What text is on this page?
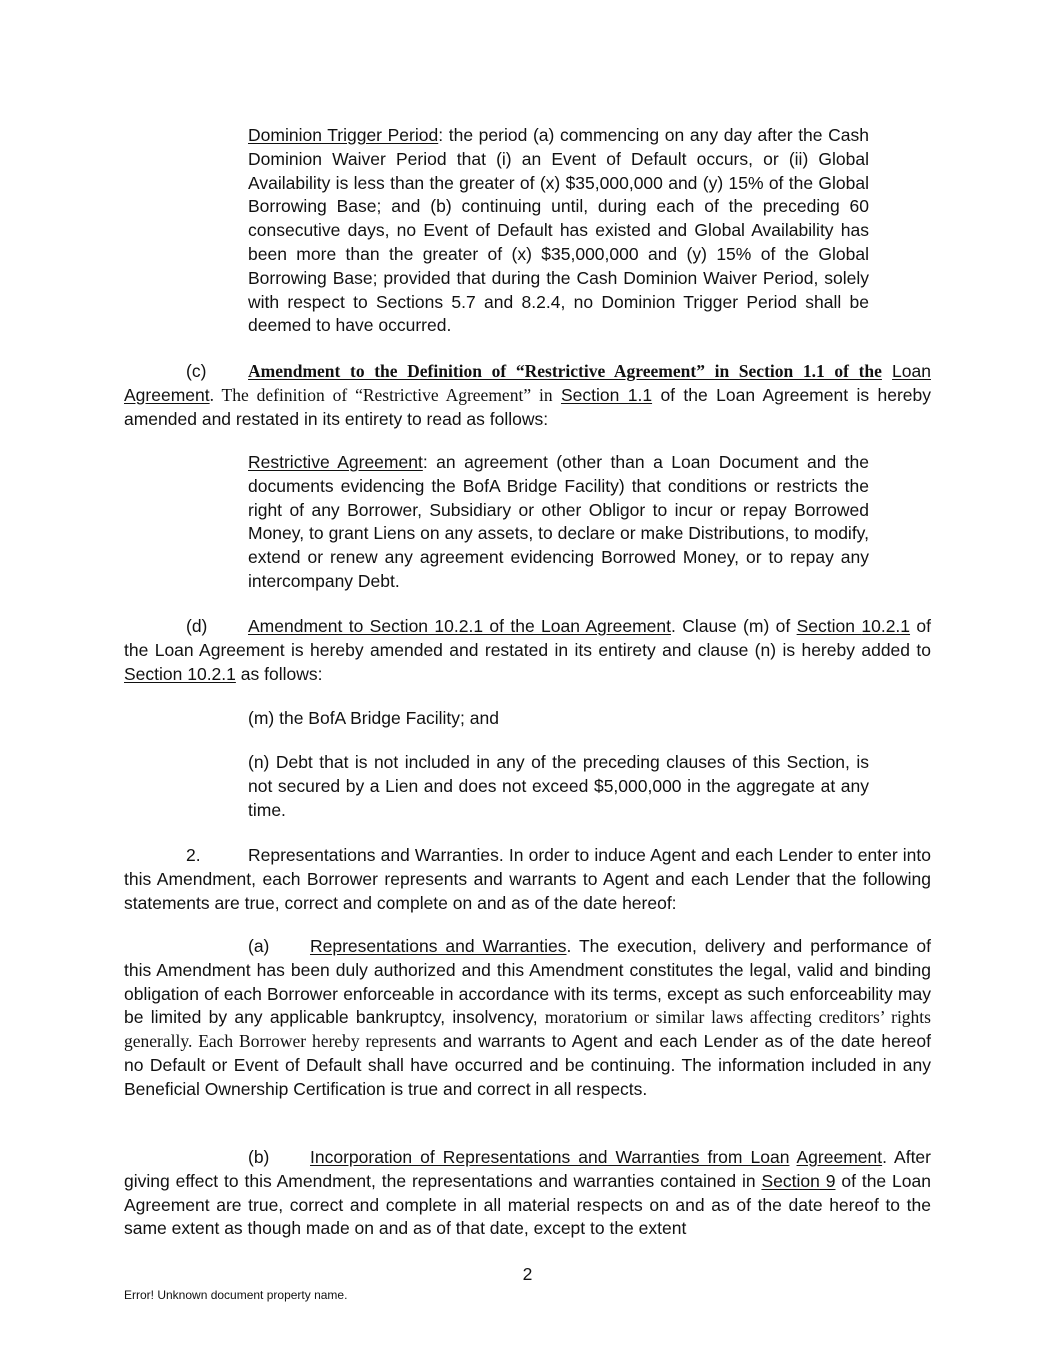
Dominion Trigger Period: the period (a) commencing on any day after the Cash Dominion Waiver Period that (i) an Event of Default occurs, or (ii) Global Availability is less than the greater of (x) $35,000,000 and (y) 15% of the Global Borrowing Base; and (b) continuing until, during each of the preceding 60 consecutive days, no Event of Default has existed and Global Availability has been more than the greater of (x) $35,000,000 and (y) 15% of the Global Borrowing Base; provided that during the Cash Dominion Waiver Period, solely with respect to Sections 5.7 and 8.2.4, no Dominion Trigger Period shall be deemed to have occurred.
(c) Amendment to the Definition of “Restrictive Agreement” in Section 1.1 of the Loan Agreement. The definition of “Restrictive Agreement” in Section 1.1 of the Loan Agreement is hereby amended and restated in its entirety to read as follows:
Restrictive Agreement: an agreement (other than a Loan Document and the documents evidencing the BofA Bridge Facility) that conditions or restricts the right of any Borrower, Subsidiary or other Obligor to incur or repay Borrowed Money, to grant Liens on any assets, to declare or make Distributions, to modify, extend or renew any agreement evidencing Borrowed Money, or to repay any intercompany Debt.
(d) Amendment to Section 10.2.1 of the Loan Agreement. Clause (m) of Section 10.2.1 of the Loan Agreement is hereby amended and restated in its entirety and clause (n) is hereby added to Section 10.2.1 as follows:
(m) the BofA Bridge Facility; and
(n) Debt that is not included in any of the preceding clauses of this Section, is not secured by a Lien and does not exceed $5,000,000 in the aggregate at any time.
2.	Representations and Warranties. In order to induce Agent and each Lender to enter into this Amendment, each Borrower represents and warrants to Agent and each Lender that the following statements are true, correct and complete on and as of the date hereof:
(a) Representations and Warranties. The execution, delivery and performance of this Amendment has been duly authorized and this Amendment constitutes the legal, valid and binding obligation of each Borrower enforceable in accordance with its terms, except as such enforceability may be limited by any applicable bankruptcy, insolvency, moratorium or similar laws affecting creditors’ rights generally. Each Borrower hereby represents and warrants to Agent and each Lender as of the date hereof no Default or Event of Default shall have occurred and be continuing. The information included in any Beneficial Ownership Certification is true and correct in all respects.
(b) Incorporation of Representations and Warranties from Loan Agreement. After giving effect to this Amendment, the representations and warranties contained in Section 9 of the Loan Agreement are true, correct and complete in all material respects on and as of the date hereof to the same extent as though made on and as of that date, except to the extent
2
Error! Unknown document property name.
